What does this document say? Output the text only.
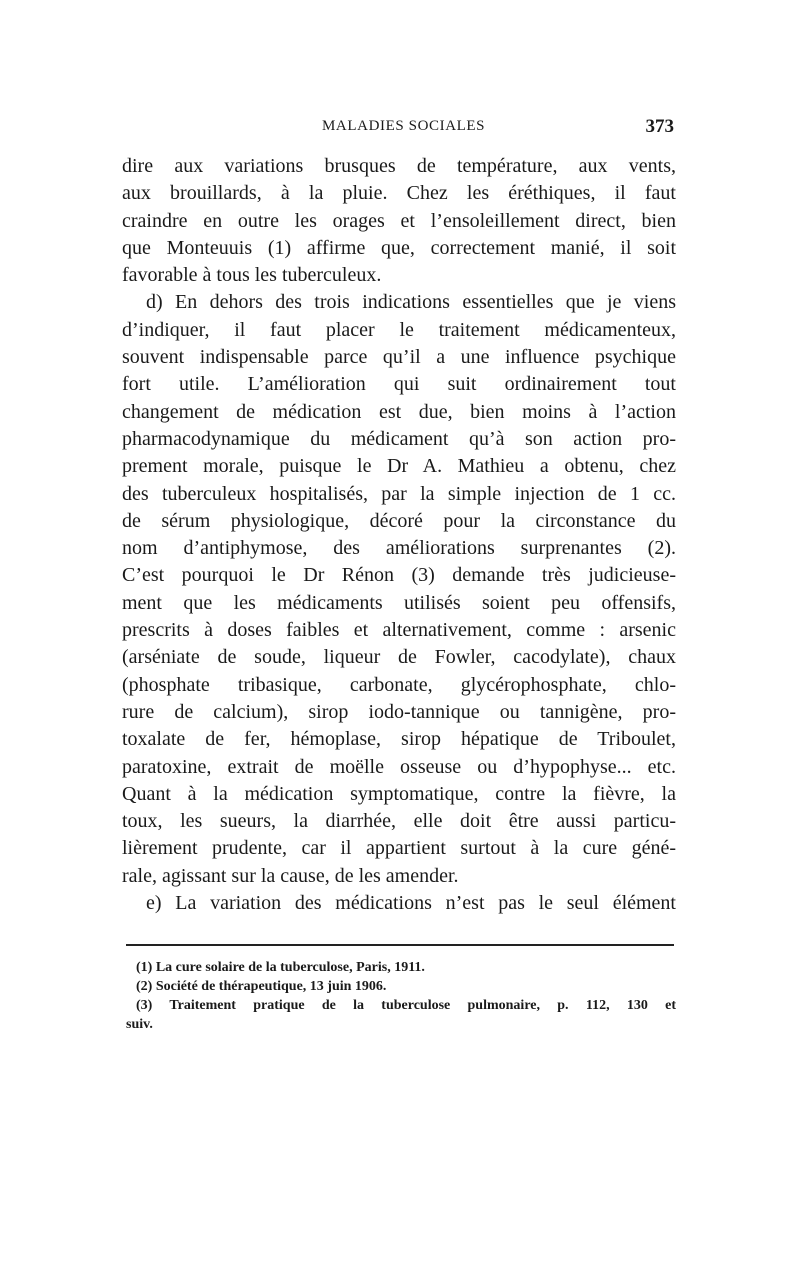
MALADIES SOCIALES	373
dire aux variations brusques de température, aux vents,
aux brouillards, à la pluie. Chez les éréthiques, il faut
craindre en outre les orages et l’ensoleillement direct, bien
que Monteuuis (1) affirme que, correctement manié, il soit
favorable à tous les tuberculeux.
d) En dehors des trois indications essentielles que je viens
d’indiquer, il faut placer le traitement médicamenteux,
souvent indispensable parce qu’il a une influence psychique
fort utile. L’amélioration qui suit ordinairement tout
changement de médication est due, bien moins à l’action
pharmacodynamique du médicament qu’à son action pro-
prement morale, puisque le Dr A. Mathieu a obtenu, chez
des tuberculeux hospitalisés, par la simple injection de 1 cc.
de sérum physiologique, décoré pour la circonstance du
nom d’antiphymose, des améliorations surprenantes (2).
C’est pourquoi le Dr Rénon (3) demande très judicieuse-
ment que les médicaments utilisés soient peu offensifs,
prescrits à doses faibles et alternativement, comme : arsenic
(arséniate de soude, liqueur de Fowler, cacodylate), chaux
(phosphate tribasique, carbonate, glycérophosphate, chlo-
rure de calcium), sirop iodo-tannique ou tannigène, pro-
toxalate de fer, hémoplase, sirop hépatique de Triboulet,
paratoxine, extrait de moëlle osseuse ou d’hypophyse... etc.
Quant à la médication symptomatique, contre la fièvre, la
toux, les sueurs, la diarrhée, elle doit être aussi particu-
lièrement prudente, car il appartient surtout à la cure géné-
rale, agissant sur la cause, de les amender.
e) La variation des médications n’est pas le seul élément
(1) La cure solaire de la tuberculose, Paris, 1911.
(2) Société de thérapeutique, 13 juin 1906.
(3) Traitement pratique de la tuberculose pulmonaire, p. 112, 130 et
suiv.
